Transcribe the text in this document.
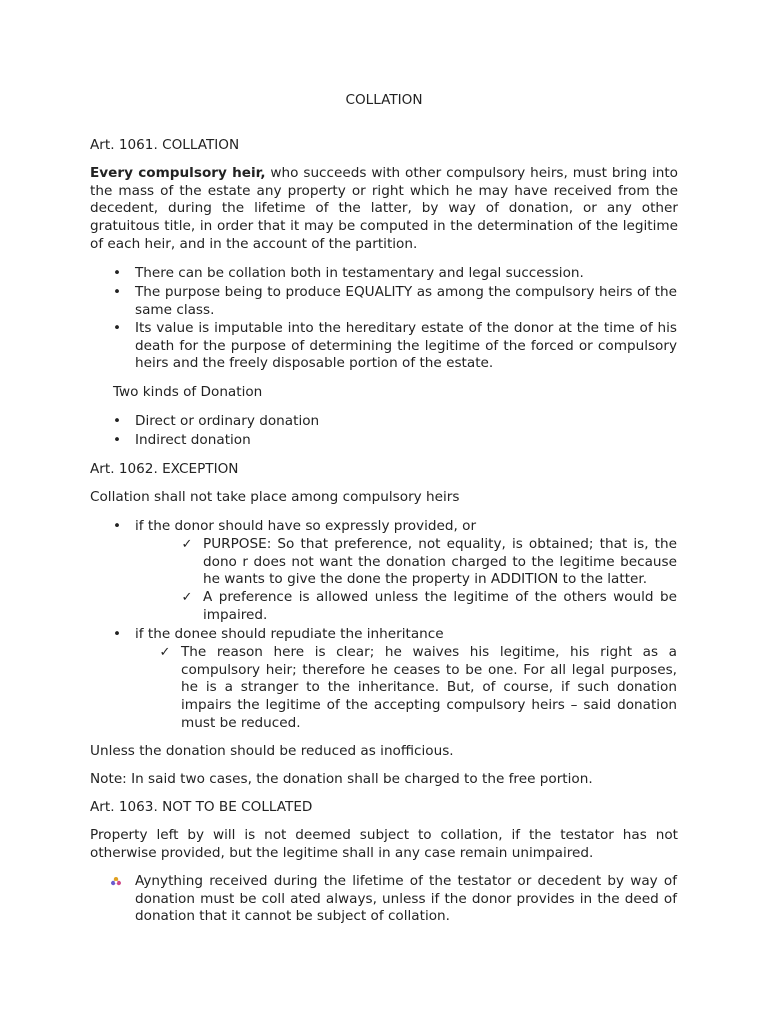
COLLATION
Art. 1061. COLLATION
Every compulsory heir, who succeeds with other compulsory heirs, must bring into the mass of the estate any property or right which he may have received from the decedent, during the lifetime of the latter, by way of donation, or any other gratuitous title, in order that it may be computed in the determination of the legitime of each heir, and in the account of the partition.
• There can be collation both in testamentary and legal succession.
• The purpose being to produce EQUALITY as among the compulsory heirs of the same class.
• Its value is imputable into the hereditary estate of the donor at the time of his death for the purpose of determining the legitime of the forced or compulsory heirs and the freely disposable portion of the estate.
Two kinds of Donation
• Direct or ordinary donation
• Indirect donation
Art. 1062. EXCEPTION
Collation shall not take place among compulsory heirs
• if the donor should have so expressly provided, or
✓ PURPOSE: So that preference, not equality, is obtained; that is, the dono r does not want the donation charged to the legitime because he wants to give the done the property in ADDITION to the latter.
✓ A preference is allowed unless the legitime of the others would be impaired.
• if the donee should repudiate the inheritance
✓ The reason here is clear; he waives his legitime, his right as a compulsory heir; therefore he ceases to be one. For all legal purposes, he is a stranger to the inheritance. But, of course, if such donation impairs the legitime of the accepting compulsory heirs – said donation must be reduced.
Unless the donation should be reduced as inofficious.
Note: In said two cases, the donation shall be charged to the free portion.
Art. 1063. NOT TO BE COLLATED
Property left by will is not deemed subject to collation, if the testator has not otherwise provided, but the legitime shall in any case remain unimpaired.
Aynything received during the lifetime of the testator or decedent by way of donation must be coll ated always, unless if the donor provides in the deed of donation that it cannot be subject of collation.
